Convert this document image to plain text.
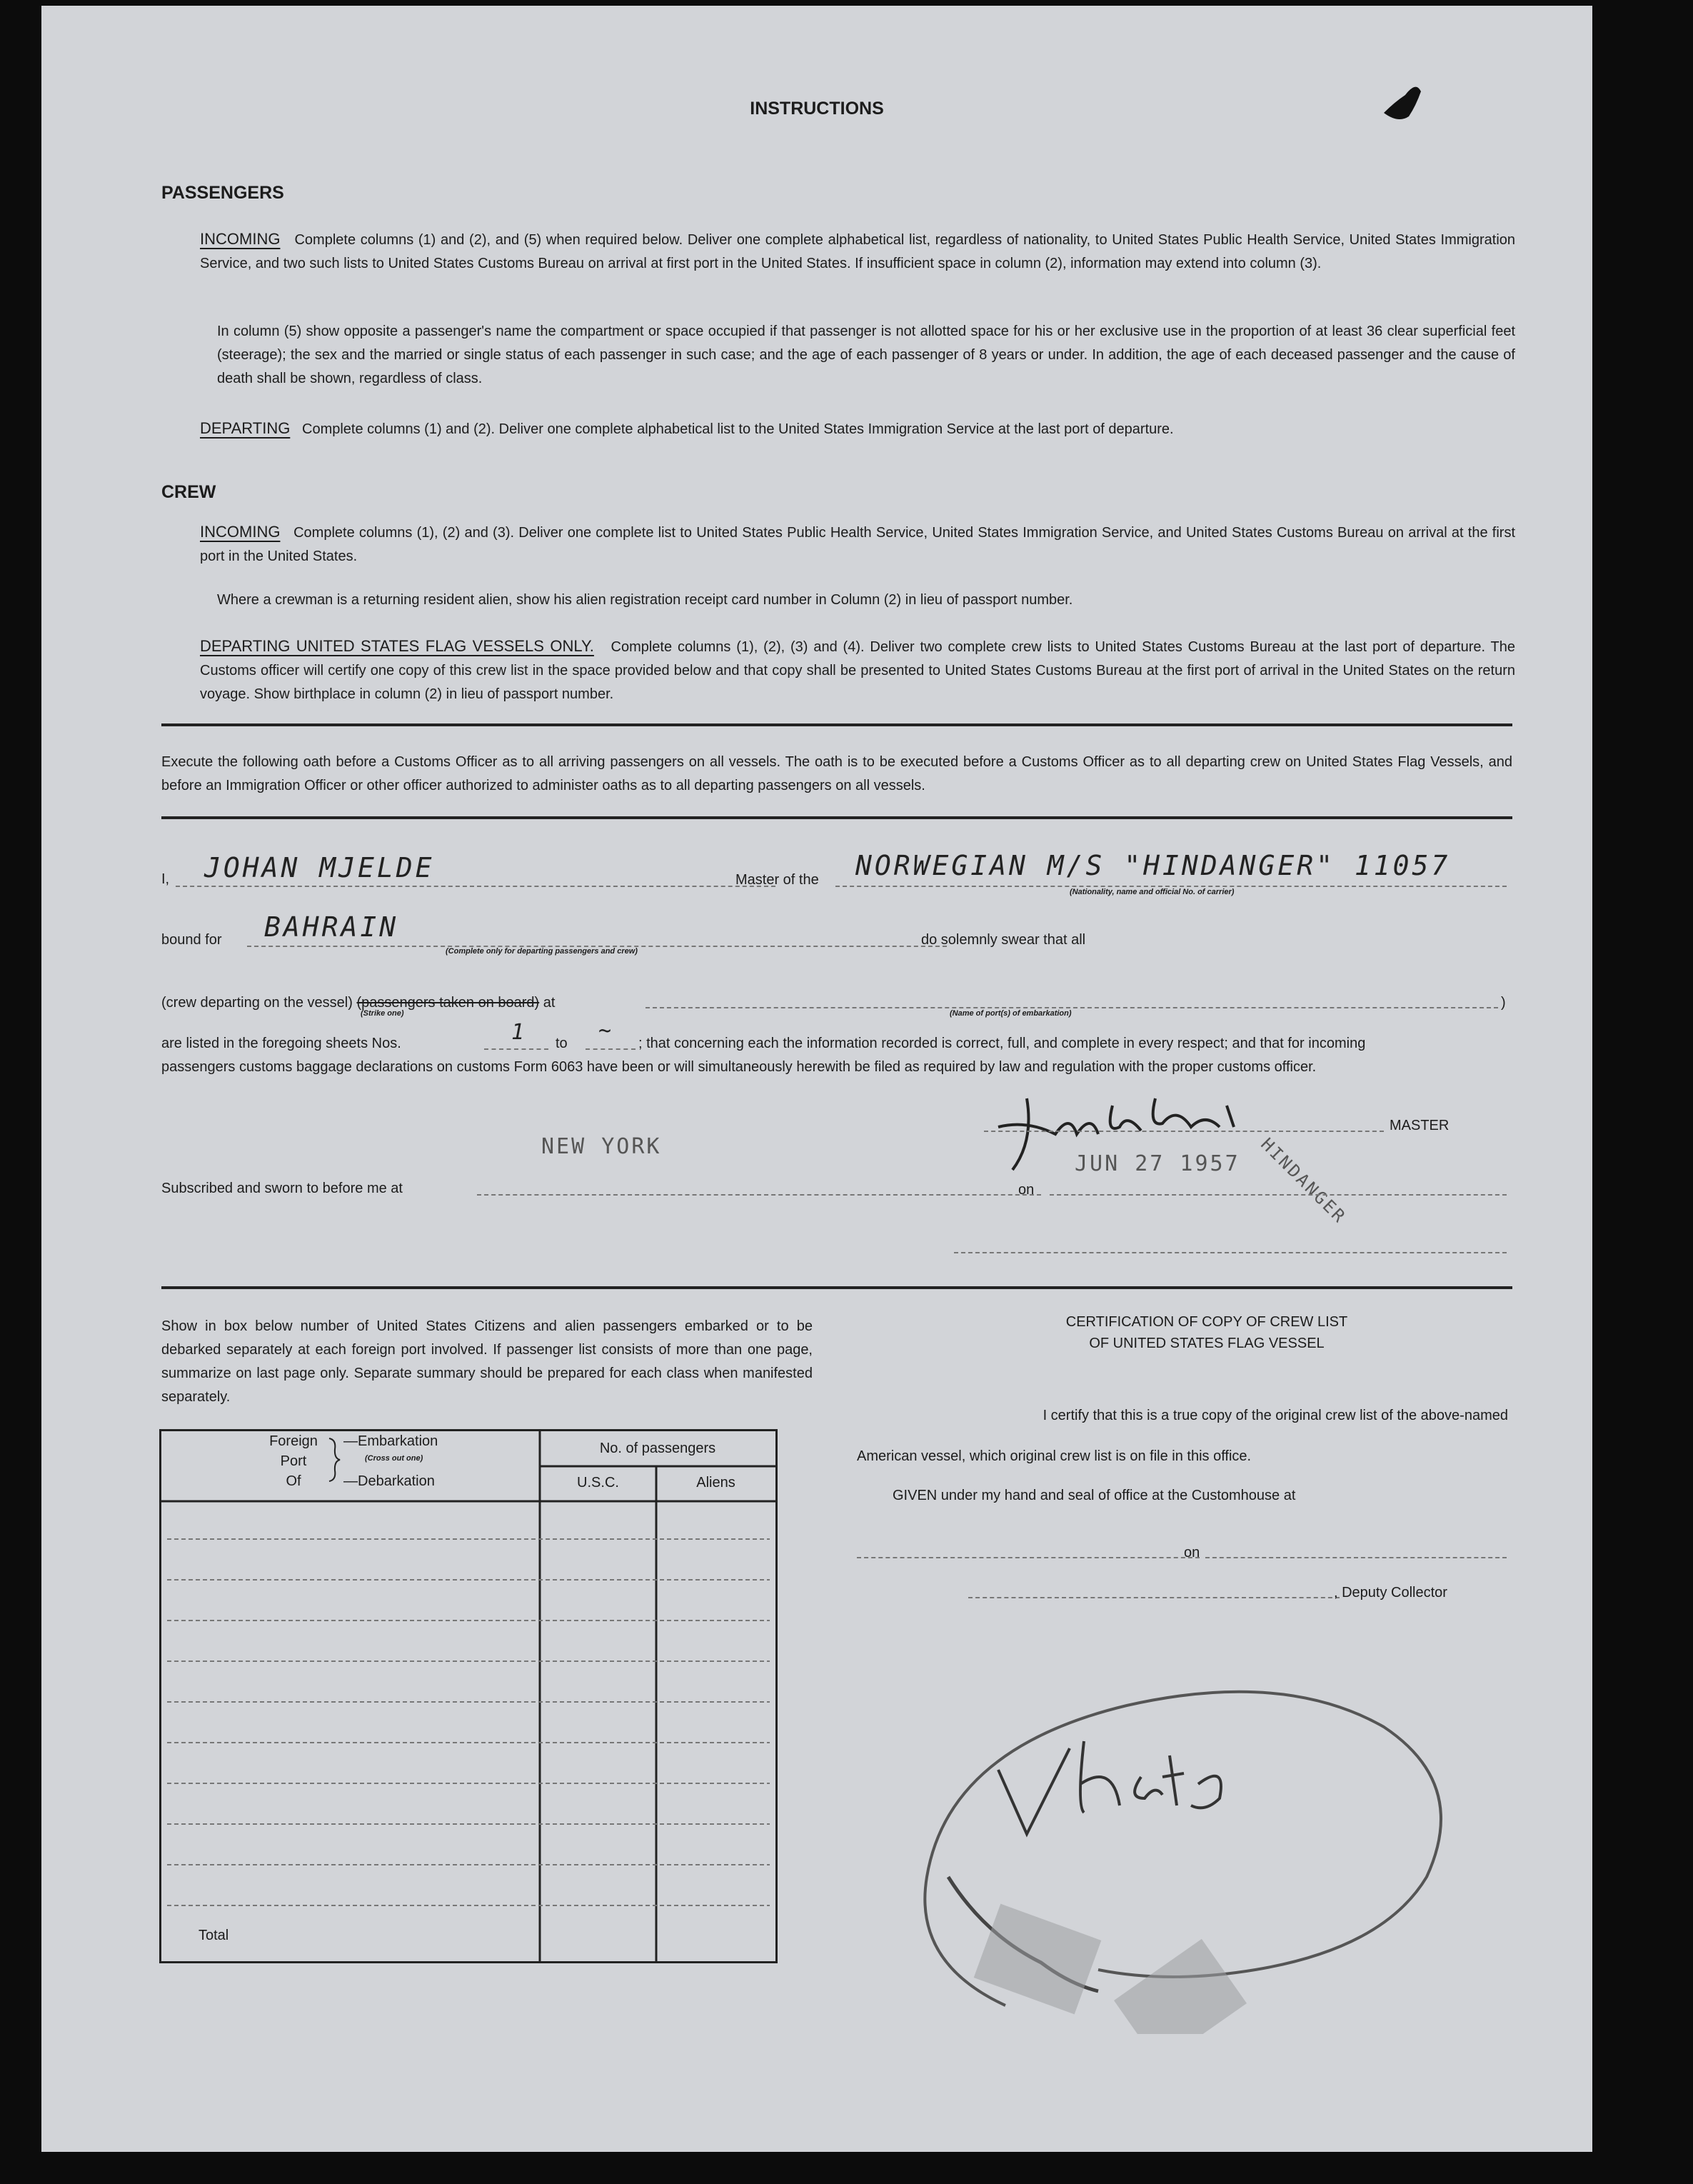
INSTRUCTIONS
PASSENGERS
INCOMING Complete columns (1) and (2), and (5) when required below. Deliver one complete alphabetical list, regardless of nationality, to United States Public Health Service, United States Immigration Service, and two such lists to United States Customs Bureau on arrival at first port in the United States. If insufficient space in column (2), information may extend into column (3).
In column (5) show opposite a passenger's name the compartment or space occupied if that passenger is not allotted space for his or her exclusive use in the proportion of at least 36 clear superficial feet (steerage); the sex and the married or single status of each passenger in such case; and the age of each passenger of 8 years or under. In addition, the age of each deceased passenger and the cause of death shall be shown, regardless of class.
DEPARTING Complete columns (1) and (2). Deliver one complete alphabetical list to the United States Immigration Service at the last port of departure.
CREW
INCOMING Complete columns (1), (2) and (3). Deliver one complete list to United States Public Health Service, United States Immigration Service, and United States Customs Bureau on arrival at the first port in the United States.
Where a crewman is a returning resident alien, show his alien registration receipt card number in Column (2) in lieu of passport number.
DEPARTING UNITED STATES FLAG VESSELS ONLY. Complete columns (1), (2), (3) and (4). Deliver two complete crew lists to United States Customs Bureau at the last port of departure. The Customs officer will certify one copy of this crew list in the space provided below and that copy shall be presented to United States Customs Bureau at the first port of arrival in the United States on the return voyage. Show birthplace in column (2) in lieu of passport number.
Execute the following oath before a Customs Officer as to all arriving passengers on all vessels. The oath is to be executed before a Customs Officer as to all departing crew on United States Flag Vessels, and before an Immigration Officer or other officer authorized to administer oaths as to all departing passengers on all vessels.
I, JOHAN MJELDE	Master of the NORWEGIAN M/S "HINDANGER" 11057
(Nationality, name and official No. of carrier)
bound for BAHRAIN
(Complete only for departing passengers and crew)
do solemnly swear that all
(crew departing on the vessel) (passengers taken on board) at	)
(Strike one)	(Name of port(s) of embarkation)
are listed in the foregoing sheets Nos.	1 to ~ ; that concerning each the information recorded is correct, full, and complete in every respect; and that for incoming
passengers customs baggage declarations on customs Form 6063 have been or will simultaneously herewith be filed as required by law and regulation with the proper customs officer.
HINDANGER
MASTER
NEW YORK
Subscribed and sworn to before me at
JUN 27 1957
on
Show in box below number of United States Citizens and alien passengers embarked or to be debarked separately at each foreign port involved. If passenger list consists of more than one page, summarize on last page only. Separate summary should be prepared for each class when manifested separately.
Foreign
Port
Of
—Embarkation
(Cross out one)
—Debarkation
No. of passengers
U.S.C.	Aliens
Total
CERTIFICATION OF COPY OF CREW LIST
OF UNITED STATES FLAG VESSEL
I certify that this is a true copy of the original crew list of the above-named
American vessel, which original crew list is on file in this office.
GIVEN under my hand and seal of office at the Customhouse at
on
, Deputy Collector
